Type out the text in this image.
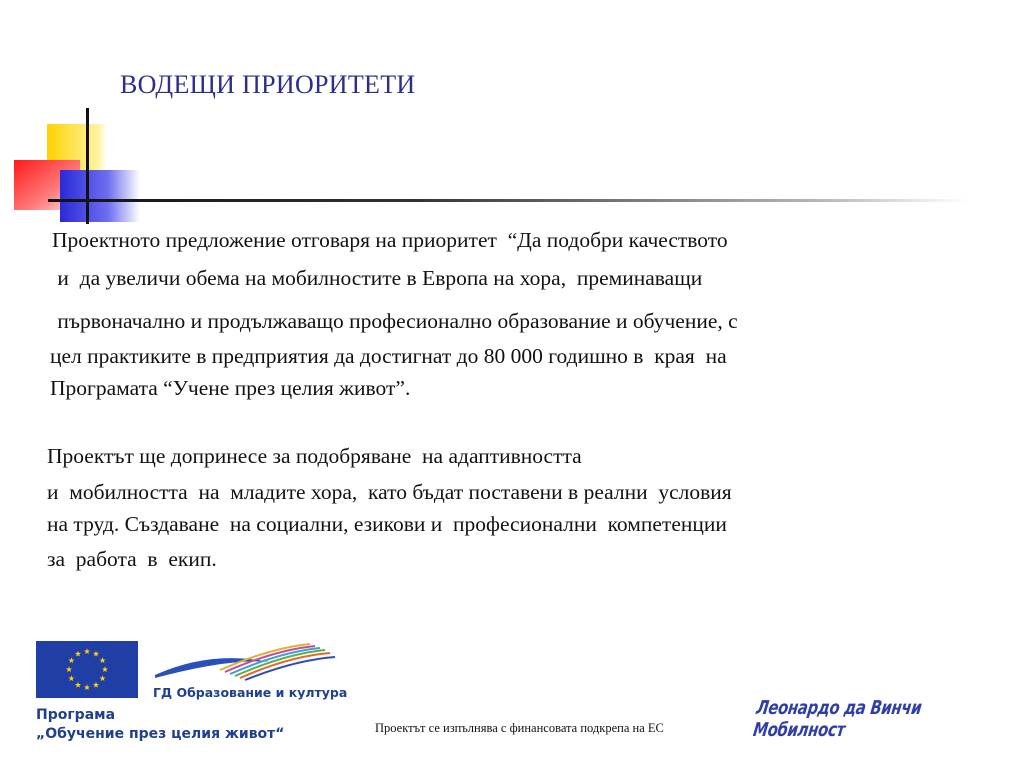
ВОДЕЩИ ПРИОРИТЕТИ

Проектното предложение отговаря на приоритет  “Да подобри качеството

и  да увеличи обема на мобилностите в Европа на хора,  преминаващи

първоначално и продължаващо професионално образование и обучение, с

цел практиките в предприятия да достигнат до 80 000 годишно в  края  на

Програмата “Учене през целия живот”.

Проектът ще допринесе за подобряване  на адаптивността

и  мобилността  на  младите хора,  като бъдат поставени в реални  условия

на труд. Създаване  на социални, езикови и  професионални  компетенции

за  работа  в  екип.

ГД Образование и култура
Програма
„Обучение през целия живот“	Проектът се изпълнява с финансовата подкрепа на ЕС
Леонардо да Винчи Мобилност
